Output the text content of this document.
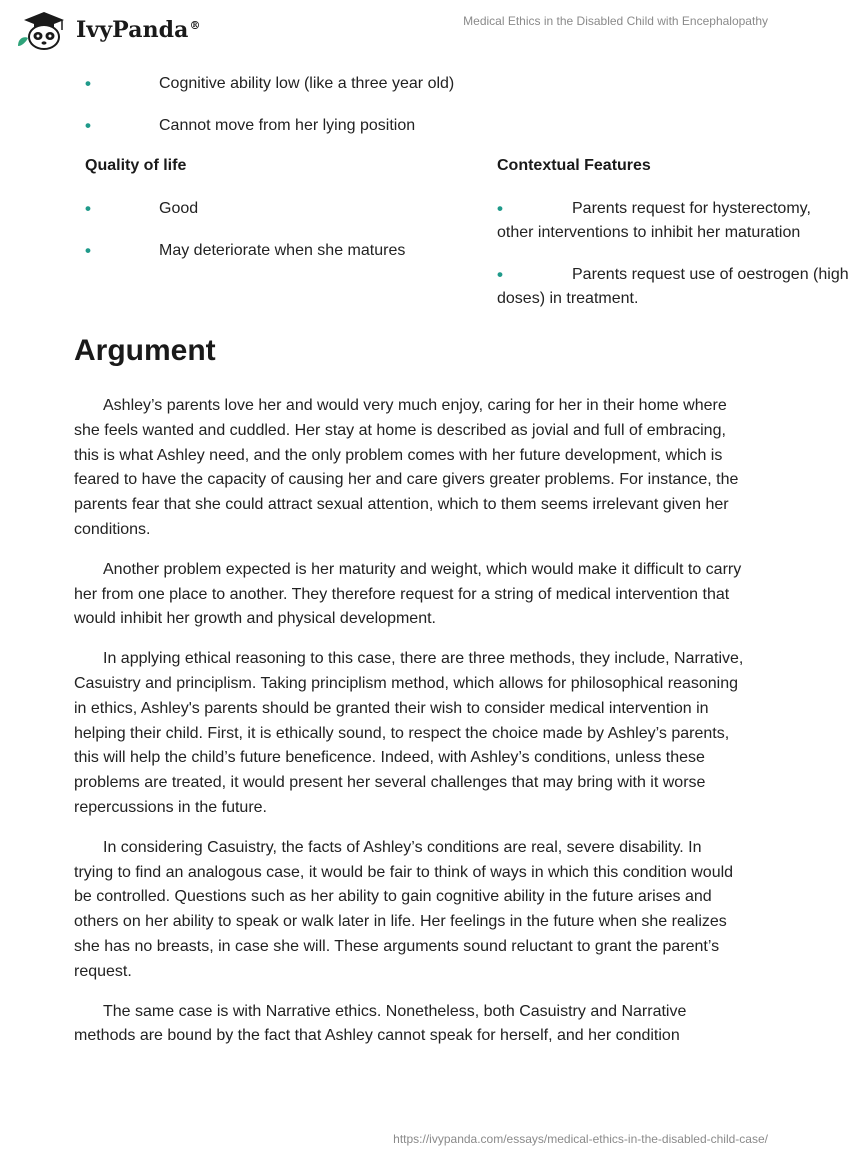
IvyPanda®	Medical Ethics in the Disabled Child with Encephalopathy
•	Cognitive ability low (like a three year old)
•	Cannot move from her lying position
Quality of life
•	Good
•	May deteriorate when she matures
Contextual Features
•	Parents request for hysterectomy,
other interventions to inhibit her maturation
•	Parents request use of oestrogen (high
doses) in treatment.
Argument

Ashley’s parents love her and would very much enjoy, caring for her in their home where she feels wanted and cuddled. Her stay at home is described as jovial and full of embracing, this is what Ashley need, and the only problem comes with her future development, which is feared to have the capacity of causing her and care givers greater problems. For instance, the parents fear that she could attract sexual attention, which to them seems irrelevant given her conditions.

Another problem expected is her maturity and weight, which would make it difficult to carry her from one place to another. They therefore request for a string of medical intervention that would inhibit her growth and physical development.

In applying ethical reasoning to this case, there are three methods, they include, Narrative, Casuistry and principlism. Taking principlism method, which allows for philosophical reasoning in ethics, Ashley's parents should be granted their wish to consider medical intervention in helping their child. First, it is ethically sound, to respect the choice made by Ashley’s parents, this will help the child’s future beneficence. Indeed, with Ashley’s conditions, unless these problems are treated, it would present her several challenges that may bring with it worse repercussions in the future.

In considering Casuistry, the facts of Ashley’s conditions are real, severe disability. In trying to find an analogous case, it would be fair to think of ways in which this condition would be controlled. Questions such as her ability to gain cognitive ability in the future arises and others on her ability to speak or walk later in life. Her feelings in the future when she realizes she has no breasts, in case she will. These arguments sound reluctant to grant the parent’s request.

The same case is with Narrative ethics. Nonetheless, both Casuistry and Narrative methods are bound by the fact that Ashley cannot speak for herself, and her condition

https://ivypanda.com/essays/medical-ethics-in-the-disabled-child-case/
